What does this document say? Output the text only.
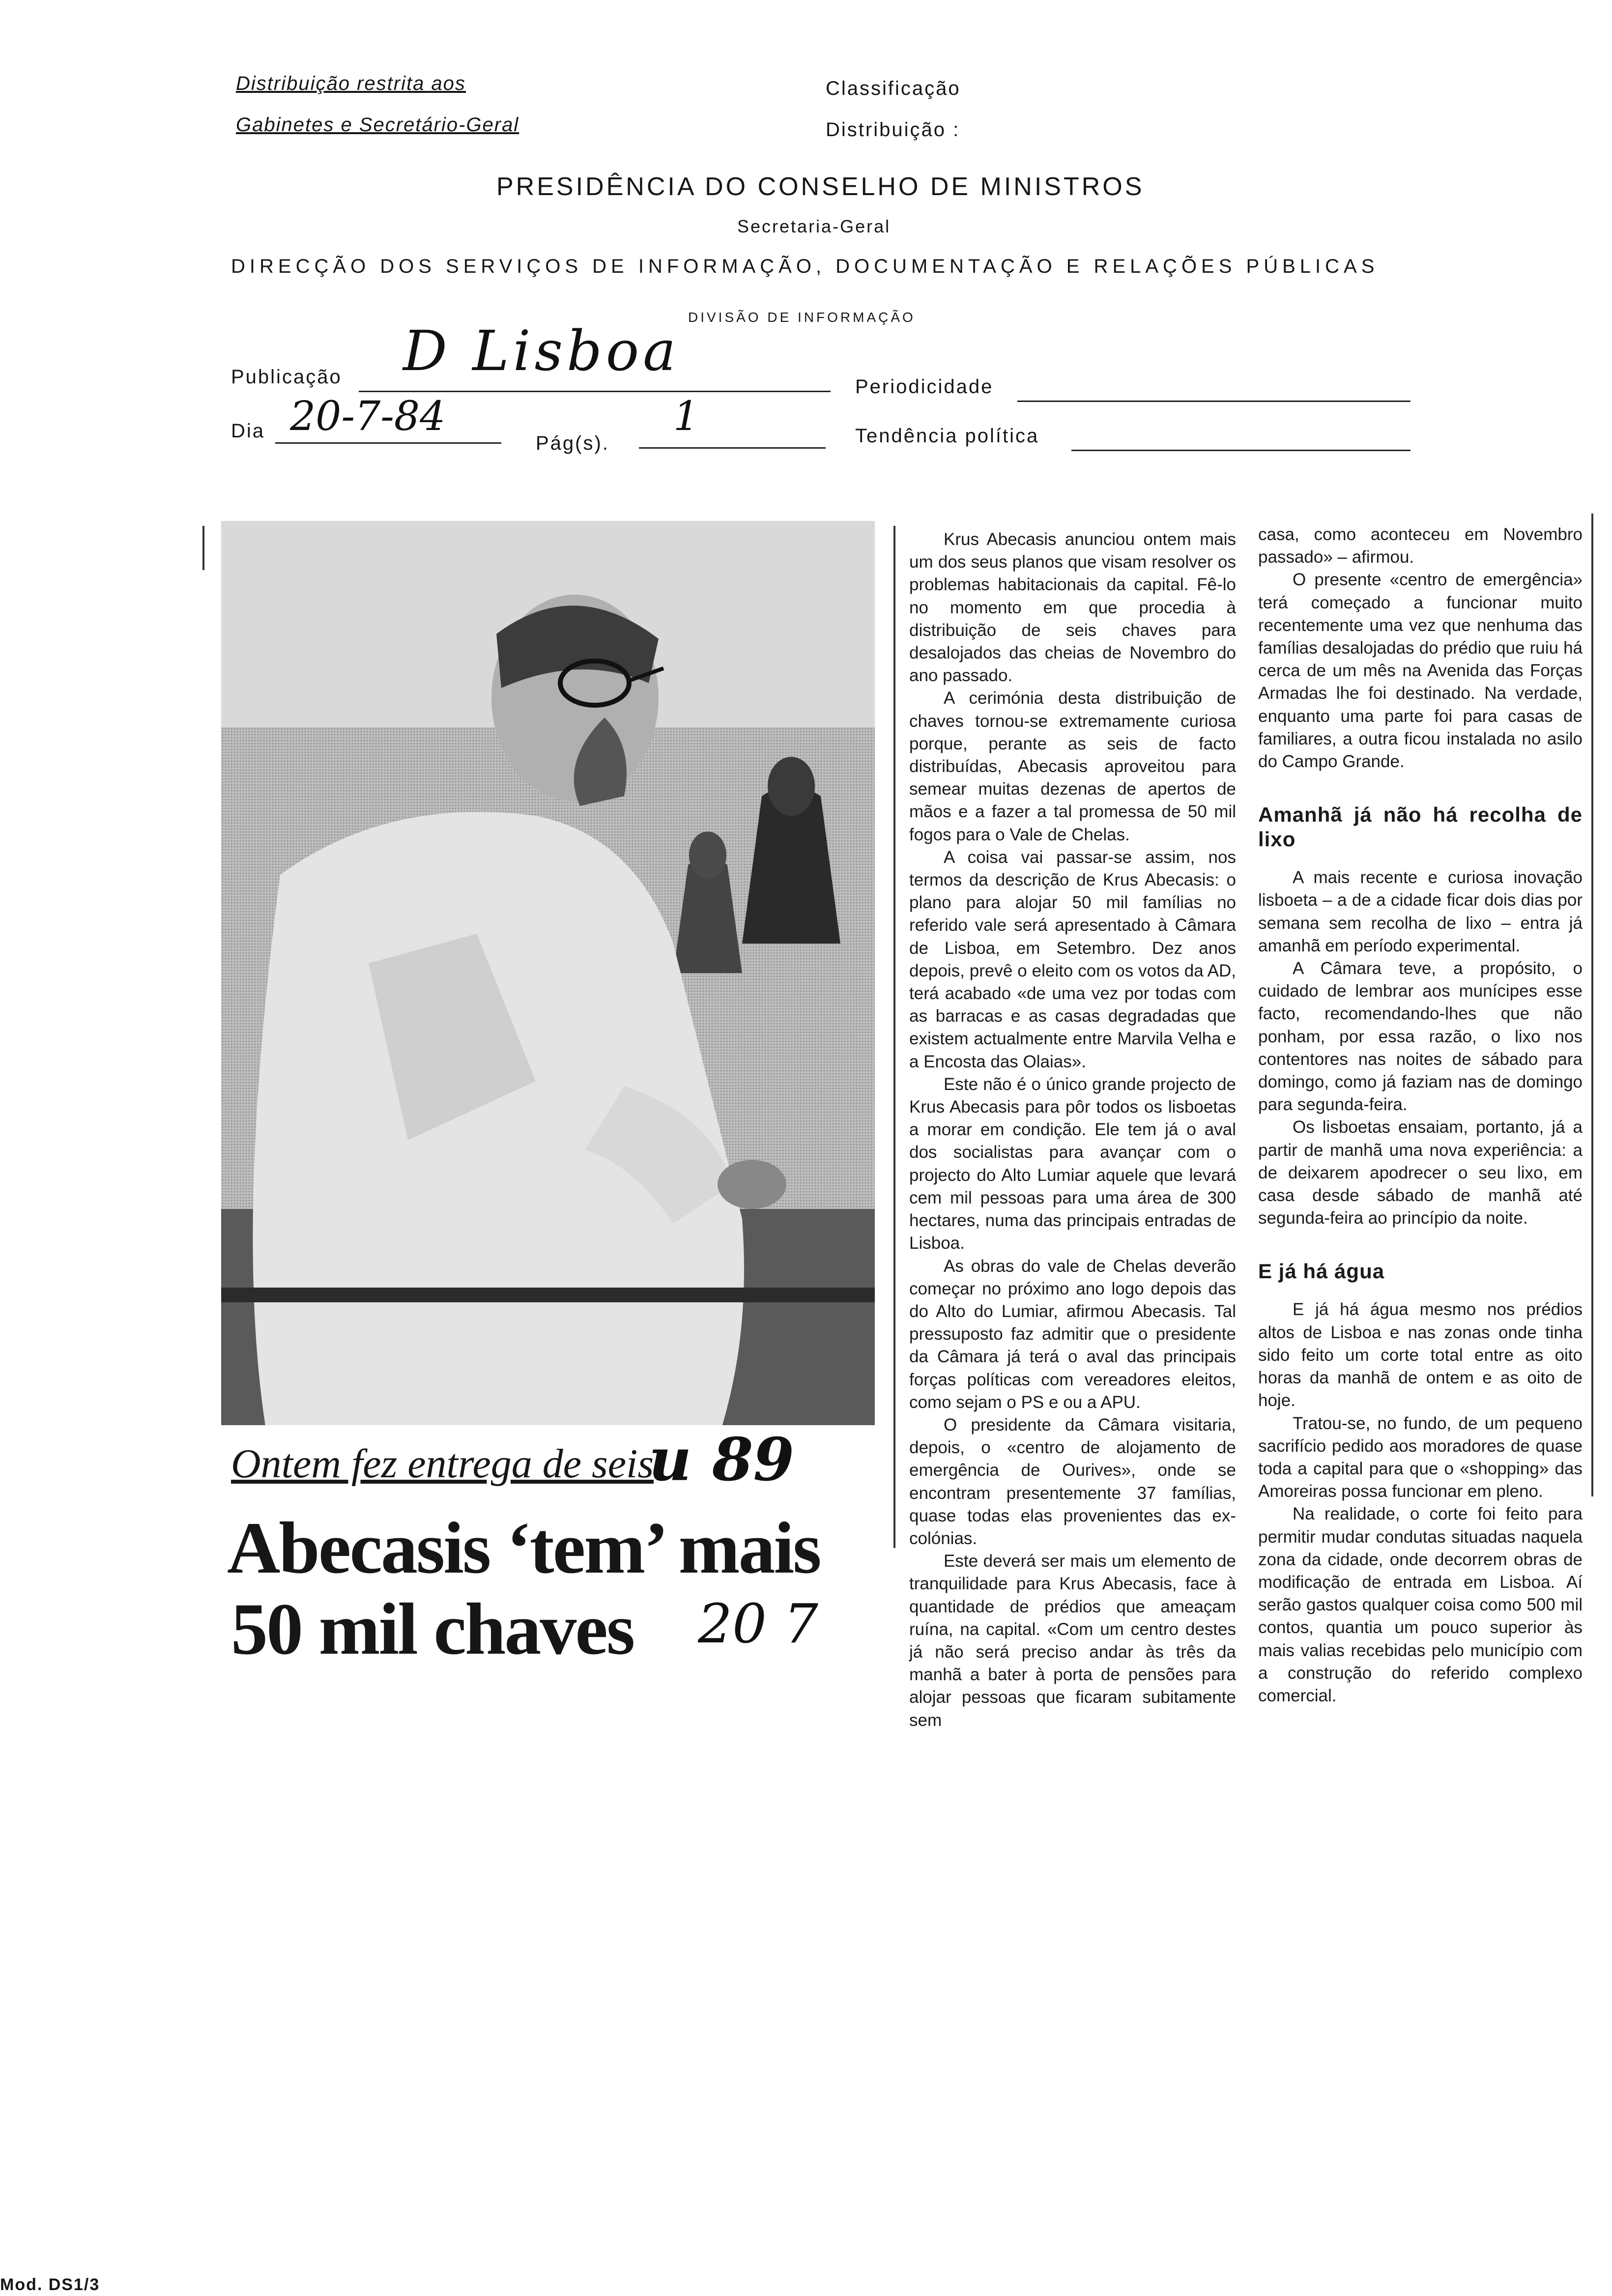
Distribuição restrita aos
Gabinetes e Secretário-Geral
Classificação
Distribuição :
PRESIDÊNCIA DO CONSELHO DE MINISTROS
Secretaria-Geral
DIRECÇÃO DOS SERVIÇOS DE INFORMAÇÃO, DOCUMENTAÇÃO E RELAÇÕES PÚBLICAS
DIVISÃO DE INFORMAÇÃO
Publicação D Lisboa
Periodicidade
Dia 20-7-84
Pág(s).
1	Tendência política
Ontem fez entrega de seis
u 89
Abecasis ‘tem’ mais
50 mil chaves 20 7

Krus Abecasis anunciou ontem mais um dos seus planos que visam resolver os problemas habitacionais da capital. Fê-lo no momento em que procedia à distribuição de seis chaves para desalojados das cheias de Novembro do ano passado.

A cerimónia desta distribuição de chaves tornou-se extremamente curiosa porque, perante as seis de facto distribuídas, Abecasis aproveitou para semear muitas dezenas de apertos de mãos e a fazer a tal promessa de 50 mil fogos para o Vale de Chelas.

A coisa vai passar-se assim, nos termos da descrição de Krus Abecasis: o plano para alojar 50 mil famílias no referido vale será apresentado à Câmara de Lisboa, em Setembro. Dez anos depois, prevê o eleito com os votos da AD, terá acabado «de uma vez por todas com as barracas e as casas degradadas que existem actualmente entre Marvila Velha e a Encosta das Olaias».

Este não é o único grande projecto de Krus Abecasis para pôr todos os lisboetas a morar em condição. Ele tem já o aval dos socialistas para avançar com o projecto do Alto Lumiar aquele que levará cem mil pessoas para uma área de 300 hectares, numa das principais entradas de Lisboa.

As obras do vale de Chelas deverão começar no próximo ano logo depois das do Alto do Lumiar, afirmou Abecasis. Tal pressuposto faz admitir que o presidente da Câmara já terá o aval das principais forças políticas com vereadores eleitos, como sejam o PS e ou a APU.

O presidente da Câmara visitaria, depois, o «centro de alojamento de emergência de Ourives», onde se encontram presentemente 37 famílias, quase todas elas provenientes das ex-colónias.

Este deverá ser mais um elemento de tranquilidade para Krus Abecasis, face à quantidade de prédios que ameaçam ruína, na capital. «Com um centro destes já não será preciso andar às três da manhã a bater à porta de pensões para alojar pessoas que ficaram subitamente sem

casa, como aconteceu em Novembro passado» – afirmou.

O presente «centro de emergência» terá começado a funcionar muito recentemente uma vez que nenhuma das famílias desalojadas do prédio que ruiu há cerca de um mês na Avenida das Forças Armadas lhe foi destinado. Na verdade, enquanto uma parte foi para casas de familiares, a outra ficou instalada no asilo do Campo Grande.

Amanhã já não há recolha de lixo

A mais recente e curiosa inovação lisboeta – a de a cidade ficar dois dias por semana sem recolha de lixo – entra já amanhã em período experimental.

A Câmara teve, a propósito, o cuidado de lembrar aos munícipes esse facto, recomendando-lhes que não ponham, por essa razão, o lixo nos contentores nas noites de sábado para domingo, como já faziam nas de domingo para segunda-feira.

Os lisboetas ensaiam, portanto, já a partir de manhã uma nova experiência: a de deixarem apodrecer o seu lixo, em casa desde sábado de manhã até segunda-feira ao princípio da noite.

E já há água

E já há água mesmo nos prédios altos de Lisboa e nas zonas onde tinha sido feito um corte total entre as oito horas da manhã de ontem e as oito de hoje.

Tratou-se, no fundo, de um pequeno sacrifício pedido aos moradores de quase toda a capital para que o «shopping» das Amoreiras possa funcionar em pleno.

Na realidade, o corte foi feito para permitir mudar condutas situadas naquela zona da cidade, onde decorrem obras de modificação de entrada em Lisboa. Aí serão gastos qualquer coisa como 500 mil contos, quantia um pouco superior às mais valias recebidas pelo município com a construção do referido complexo comercial.

Mod. DS1/3
